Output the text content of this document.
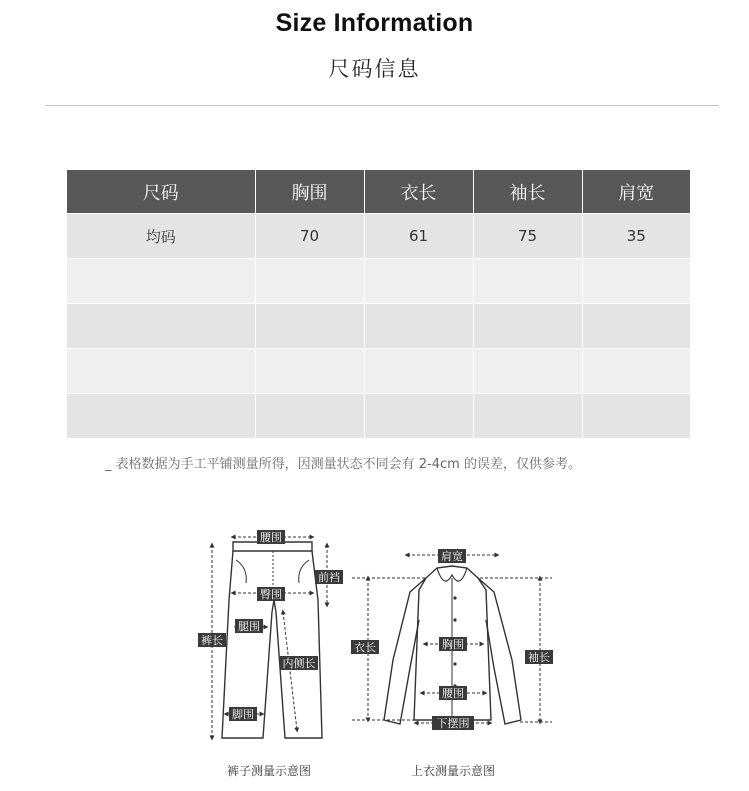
Size Information
尺码信息
尺码	胸围	衣长	袖长	肩宽
均码	70	61	75	35

_ 表格数据为手工平铺测量所得，因测量状态不同会有 2-4cm 的误差，仅供参考。
腰围
前裆
臀围
腿围
裤长
内侧长
脚围
肩宽
衣长	胸围
袖长
腰围
下摆围
裤子测量示意图	上衣测量示意图
